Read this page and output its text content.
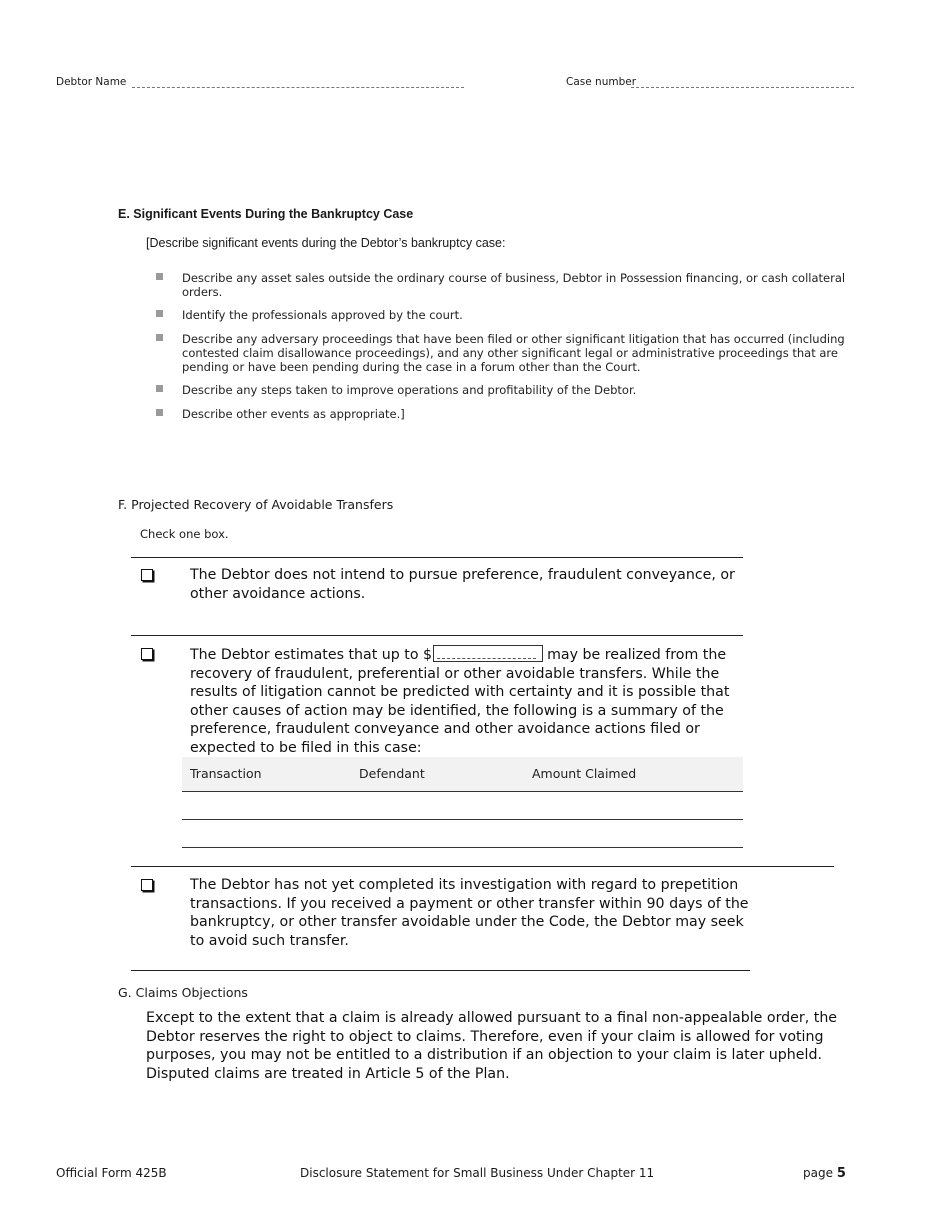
Debtor Name	Case number
E. Significant Events During the Bankruptcy Case
[Describe significant events during the Debtor’s bankruptcy case:
Describe any asset sales outside the ordinary course of business, Debtor in Possession financing, or cash collateral
orders.
Identify the professionals approved by the court.
Describe any adversary proceedings that have been filed or other significant litigation that has occurred (including
contested claim disallowance proceedings), and any other significant legal or administrative proceedings that are
pending or have been pending during the case in a forum other than the Court.
Describe any steps taken to improve operations and profitability of the Debtor.
Describe other events as appropriate.]
F. Projected Recovery of Avoidable Transfers
Check one box.
The Debtor does not intend to pursue preference, fraudulent conveyance, or
other avoidance actions.
The Debtor estimates that up to $	may be realized from the
recovery of fraudulent, preferential or other avoidable transfers. While the
results of litigation cannot be predicted with certainty and it is possible that
other causes of action may be identified, the following is a summary of the
preference, fraudulent conveyance and other avoidance actions filed or
expected to be filed in this case:
Transaction	Defendant	Amount Claimed
The Debtor has not yet completed its investigation with regard to prepetition
transactions. If you received a payment or other transfer within 90 days of the
bankruptcy, or other transfer avoidable under the Code, the Debtor may seek
to avoid such transfer.
G. Claims Objections
Except to the extent that a claim is already allowed pursuant to a final non-appealable order, the
Debtor reserves the right to object to claims. Therefore, even if your claim is allowed for voting
purposes, you may not be entitled to a distribution if an objection to your claim is later upheld.
Disputed claims are treated in Article 5 of the Plan.
Official Form 425B	Disclosure Statement for Small Business Under Chapter 11	page 5
